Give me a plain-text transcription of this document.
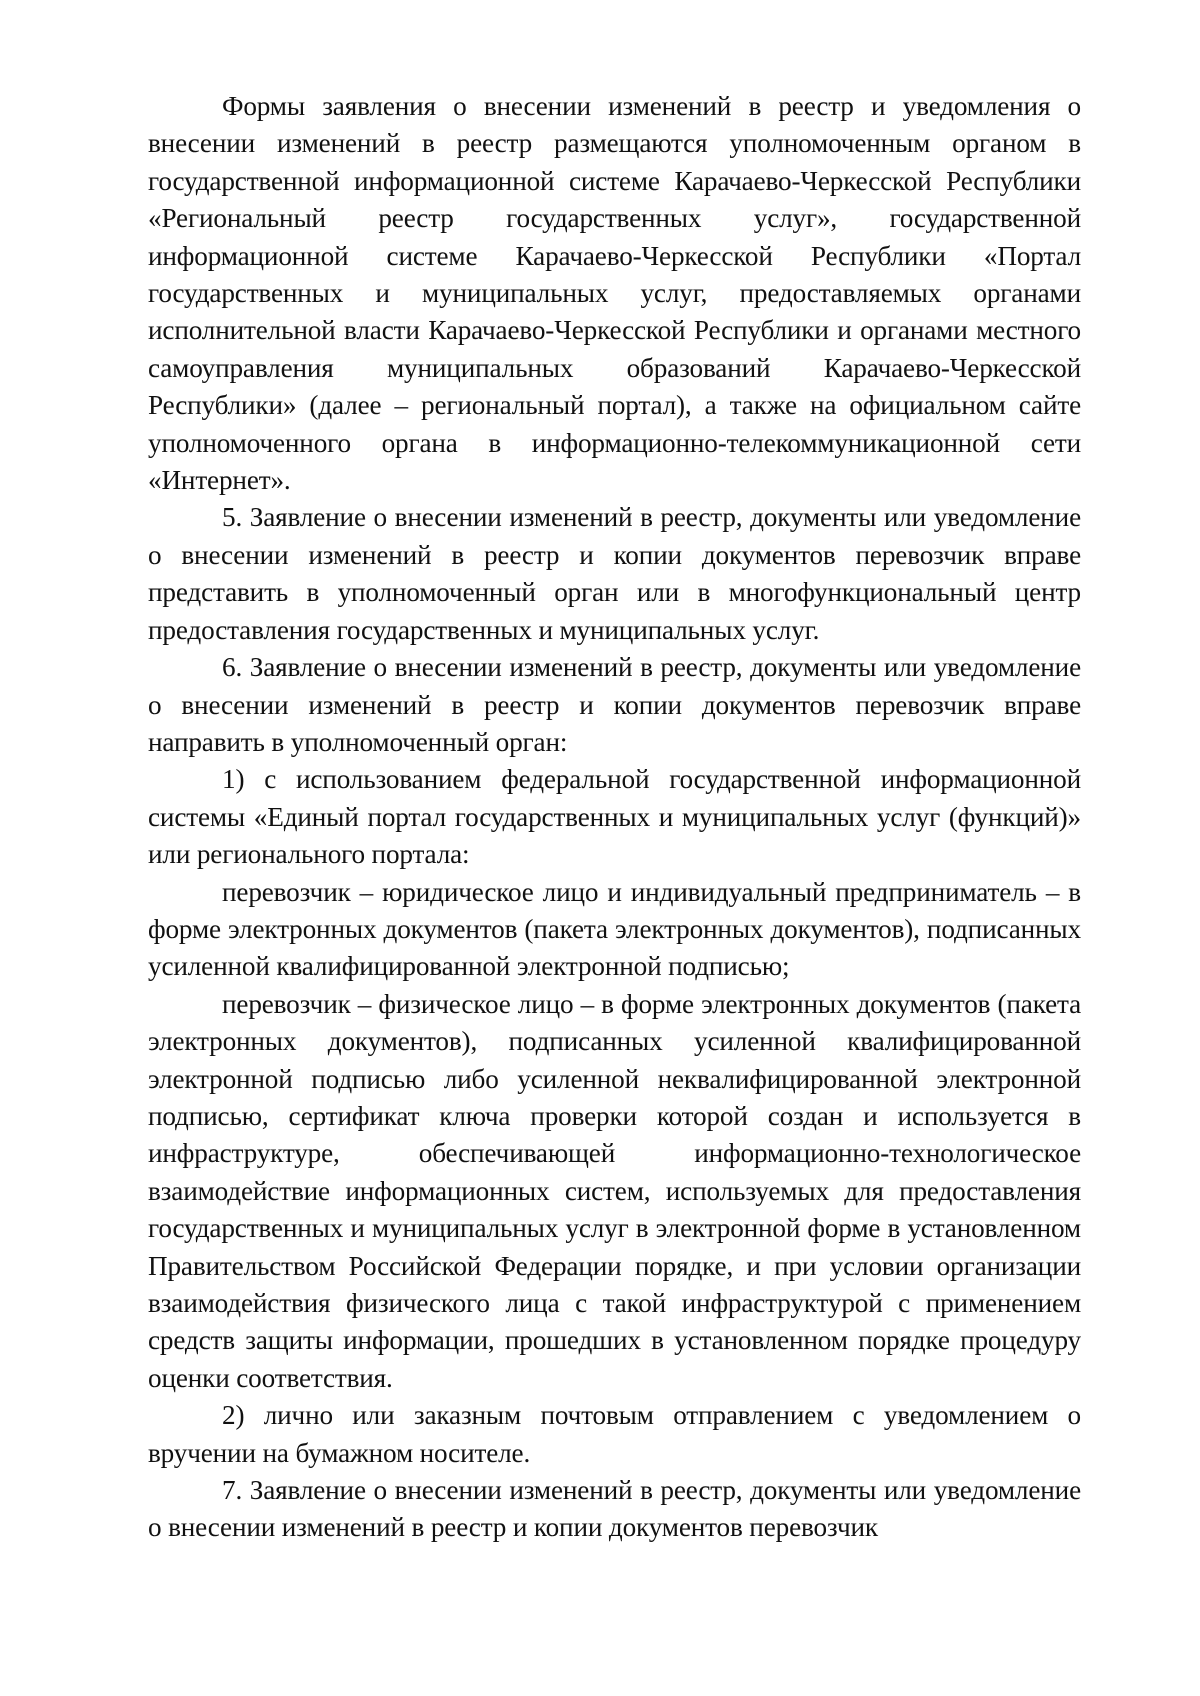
Формы заявления о внесении изменений в реестр и уведомления о внесении изменений в реестр размещаются уполномоченным органом в государственной информационной системе Карачаево-Черкесской Республики «Региональный реестр государственных услуг», государственной информационной системе Карачаево-Черкесской Республики «Портал государственных и муниципальных услуг, предоставляемых органами исполнительной власти Карачаево-Черкесской Республики и органами местного самоуправления муниципальных образований Карачаево-Черкесской Республики» (далее – региональный портал), а также на официальном сайте уполномоченного органа в информационно-телекоммуникационной сети «Интернет».

5. Заявление о внесении изменений в реестр, документы или уведомление о внесении изменений в реестр и копии документов перевозчик вправе представить в уполномоченный орган или в многофункциональный центр предоставления государственных и муниципальных услуг.

6. Заявление о внесении изменений в реестр, документы или уведомление о внесении изменений в реестр и копии документов перевозчик вправе направить в уполномоченный орган:

1) с использованием федеральной государственной информационной системы «Единый портал государственных и муниципальных услуг (функций)» или регионального портала:

перевозчик – юридическое лицо и индивидуальный предприниматель – в форме электронных документов (пакета электронных документов), подписанных усиленной квалифицированной электронной подписью;

перевозчик – физическое лицо – в форме электронных документов (пакета электронных документов), подписанных усиленной квалифицированной электронной подписью либо усиленной неквалифицированной электронной подписью, сертификат ключа проверки которой создан и используется в инфраструктуре, обеспечивающей информационно-технологическое взаимодействие информационных систем, используемых для предоставления государственных и муниципальных услуг в электронной форме в установленном Правительством Российской Федерации порядке, и при условии организации взаимодействия физического лица с такой инфраструктурой с применением средств защиты информации, прошедших в установленном порядке процедуру оценки соответствия.

2) лично или заказным почтовым отправлением с уведомлением о вручении на бумажном носителе.

7. Заявление о внесении изменений в реестр, документы или уведомление о внесении изменений в реестр и копии документов перевозчик
